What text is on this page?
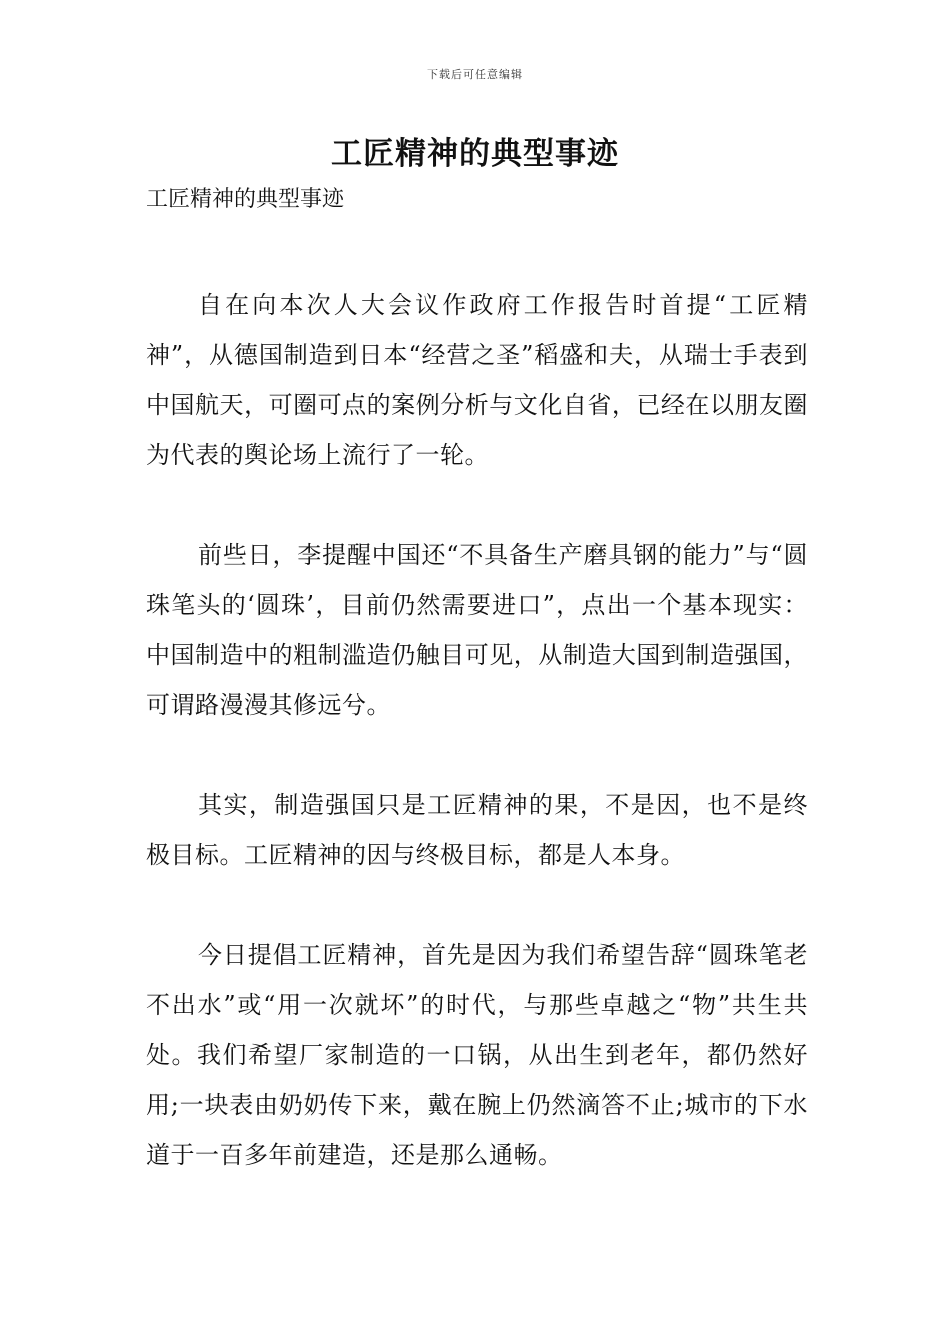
下载后可任意编辑
工匠精神的典型事迹

工匠精神的典型事迹

自在向本次人大会议作政府工作报告时首提“工匠精神”，从德国制造到日本“经营之圣”稻盛和夫，从瑞士手表到中国航天，可圈可点的案例分析与文化自省，已经在以朋友圈为代表的舆论场上流行了一轮。

前些日，李提醒中国还“不具备生产磨具钢的能力”与“圆珠笔头的‘圆珠’，目前仍然需要进口”，点出一个基本现实：中国制造中的粗制滥造仍触目可见，从制造大国到制造强国，可谓路漫漫其修远兮。

其实，制造强国只是工匠精神的果，不是因，也不是终极目标。工匠精神的因与终极目标，都是人本身。

今日提倡工匠精神，首先是因为我们希望告辞“圆珠笔老不出水”或“用一次就坏”的时代，与那些卓越之“物”共生共处。我们希望厂家制造的一口锅，从出生到老年，都仍然好用;一块表由奶奶传下来，戴在腕上仍然滴答不止;城市的下水道于一百多年前建造，还是那么通畅。
